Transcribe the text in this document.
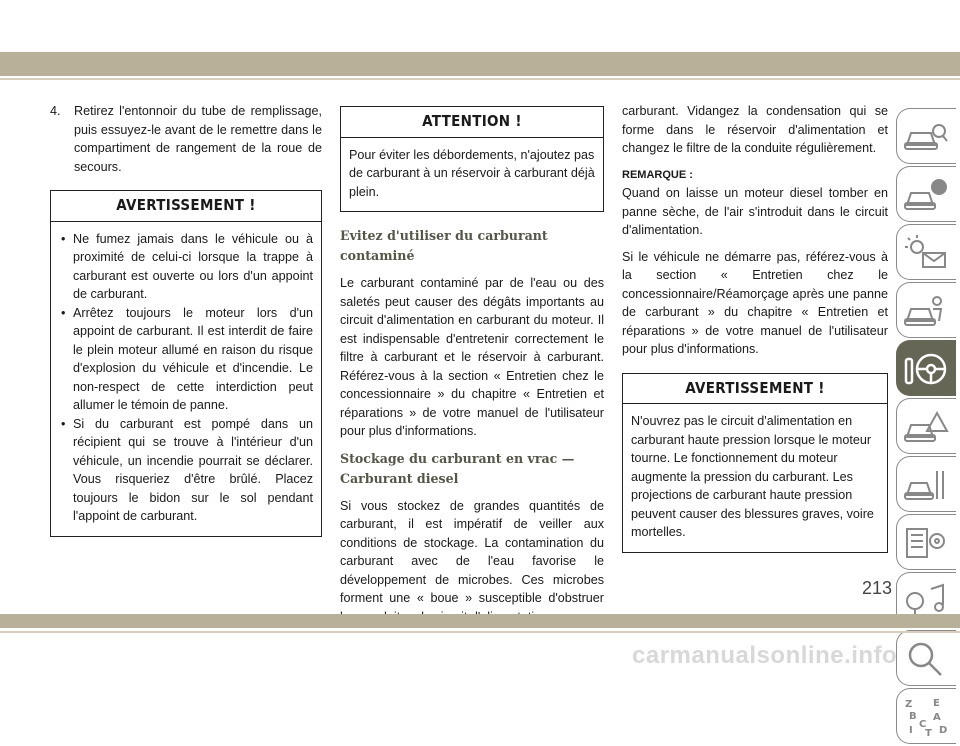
4.	Retirez l'entonnoir du tube de remplissage, puis essuyez-le avant de le remettre dans le compartiment de rangement de la roue de secours.
AVERTISSEMENT !
• Ne fumez jamais dans le véhicule ou à proximité de celui-ci lorsque la trappe à carburant est ouverte ou lors d'un appoint de carburant.
• Arrêtez toujours le moteur lors d'un appoint de carburant. Il est interdit de faire le plein moteur allumé en raison du risque d'explosion du véhicule et d'incendie. Le non-respect de cette interdiction peut allumer le témoin de panne.
• Si du carburant est pompé dans un récipient qui se trouve à l'intérieur d'un véhicule, un incendie pourrait se déclarer. Vous risqueriez d'être brûlé. Placez toujours le bidon sur le sol pendant l'appoint de carburant.
ATTENTION !

Pour éviter les débordements, n'ajoutez pas de carburant à un réservoir à carburant déjà plein.

Evitez d'utiliser du carburant contaminé

Le carburant contaminé par de l'eau ou des saletés peut causer des dégâts importants au circuit d'alimentation en carburant du moteur. Il est indispensable d'entretenir correctement le filtre à carburant et le réservoir à carburant. Référez-vous à la section « Entretien chez le concessionnaire » du chapitre « Entretien et réparations » de votre manuel de l'utilisateur pour plus d'informations.

Stockage du carburant en vrac — Carburant diesel

Si vous stockez de grandes quantités de carburant, il est impératif de veiller aux conditions de stockage. La contamination du carburant avec de l'eau favorise le développement de microbes. Ces microbes forment une « boue » susceptible d'obstruer

carburant. Vidangez la condensation qui se forme dans le réservoir d'alimentation et changez le filtre de la conduite régulièrement.

REMARQUE :

Quand on laisse un moteur diesel tomber en panne sèche, de l'air s'introduit dans le circuit d'alimentation.

Si le véhicule ne démarre pas, référez-vous à la section « Entretien chez le concessionnaire/Réamorçage après une panne de carburant » du chapitre « Entretien et réparations » de votre manuel de l'utilisateur pour plus d'informations.

AVERTISSEMENT !

N'ouvrez pas le circuit d'alimentation en carburant haute pression lorsque le moteur tourne. Le fonctionnement du moteur augmente la pression du carburant. Les projections de carburant haute pression peuvent causer des blessures graves, voire mortelles.

Z E
B A
C
I T D
213
carmanualsonline.info
